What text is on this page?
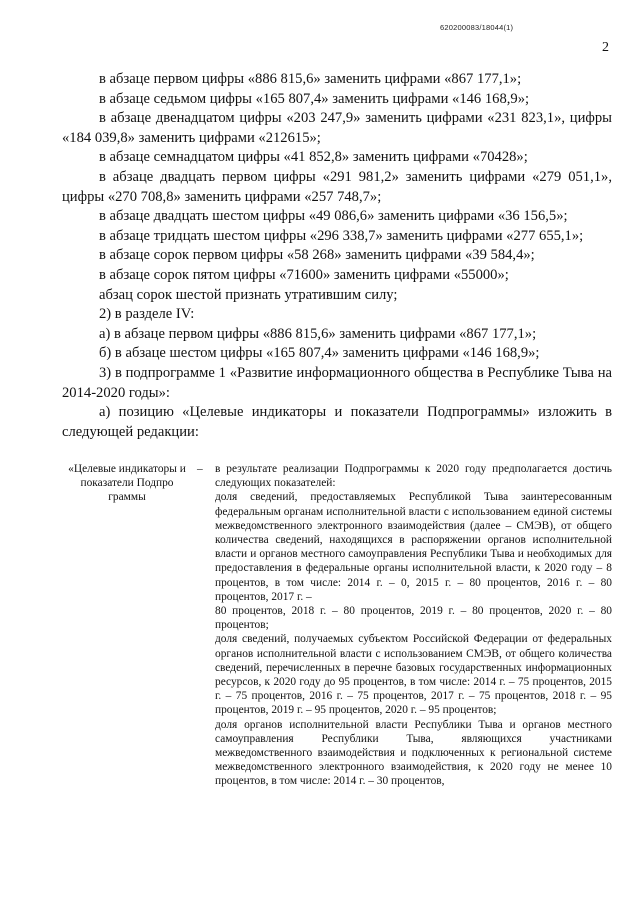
620200083/18044(1)
2

в абзаце первом цифры «886 815,6» заменить цифрами «867 177,1»;

в абзаце седьмом цифры «165 807,4» заменить цифрами «146 168,9»;

в абзаце двенадцатом цифры «203 247,9» заменить цифрами «231 823,1», цифры «184 039,8» заменить цифрами «212615»;

в абзаце семнадцатом цифры «41 852,8» заменить цифрами «70428»;

в абзаце двадцать первом цифры «291 981,2» заменить цифрами «279 051,1», цифры «270 708,8» заменить цифрами «257 748,7»;

в абзаце двадцать шестом цифры «49 086,6» заменить цифрами «36 156,5»;

в абзаце тридцать шестом цифры «296 338,7» заменить цифрами «277 655,1»;

в абзаце сорок первом цифры «58 268» заменить цифрами «39 584,4»;

в абзаце сорок пятом цифры «71600» заменить цифрами «55000»;

абзац сорок шестой признать утратившим силу;

2) в разделе IV:

а) в абзаце первом цифры «886 815,6» заменить цифрами «867 177,1»;

б) в абзаце шестом цифры «165 807,4» заменить цифрами «146 168,9»;

3) в подпрограмме 1 «Развитие информационного общества в Республике Тыва на 2014-2020 годы»:

а) позицию «Целевые индикаторы и показатели Подпрограммы» изложить в следующей редакции:

«Целевые индикаторы и показатели Подпро граммы
– в результате реализации Подпрограммы к 2020 году предполагается достичь следующих показателей:

доля сведений, предоставляемых Республикой Тыва заинтересованным федеральным органам исполнительной власти с использованием единой системы межведомственного электронного взаимодействия (далее – СМЭВ), от общего количества сведений, находящихся в распоряжении органов исполнительной власти и органов местного самоуправления Республики Тыва и необходимых для предоставления в федеральные органы исполнительной власти, к 2020 году – 8 процентов, в том числе: 2014 г. – 0, 2015 г. – 80 процентов, 2016 г. – 80 процентов, 2017 г. –

80 процентов, 2018 г. – 80 процентов, 2019 г. – 80 процентов, 2020 г. – 80 процентов;

доля сведений, получаемых субъектом Российской Федерации от федеральных органов исполнительной власти с использованием СМЭВ, от общего количества сведений, перечисленных в перечне базовых государственных информационных ресурсов, к 2020 году до 95 процентов, в том числе: 2014 г. – 75 процентов, 2015 г. – 75 процентов, 2016 г. – 75 процентов, 2017 г. – 75 процентов, 2018 г. – 95 процентов, 2019 г. – 95 процентов, 2020 г. – 95 процентов;

доля органов исполнительной власти Республики Тыва и органов местного самоуправления Республики Тыва, являющихся участниками межведомственного взаимодействия и подключенных к региональной системе межведомственного электронного взаимодействия, к 2020 году не менее 10 процентов, в том числе: 2014 г. – 30 процентов,
